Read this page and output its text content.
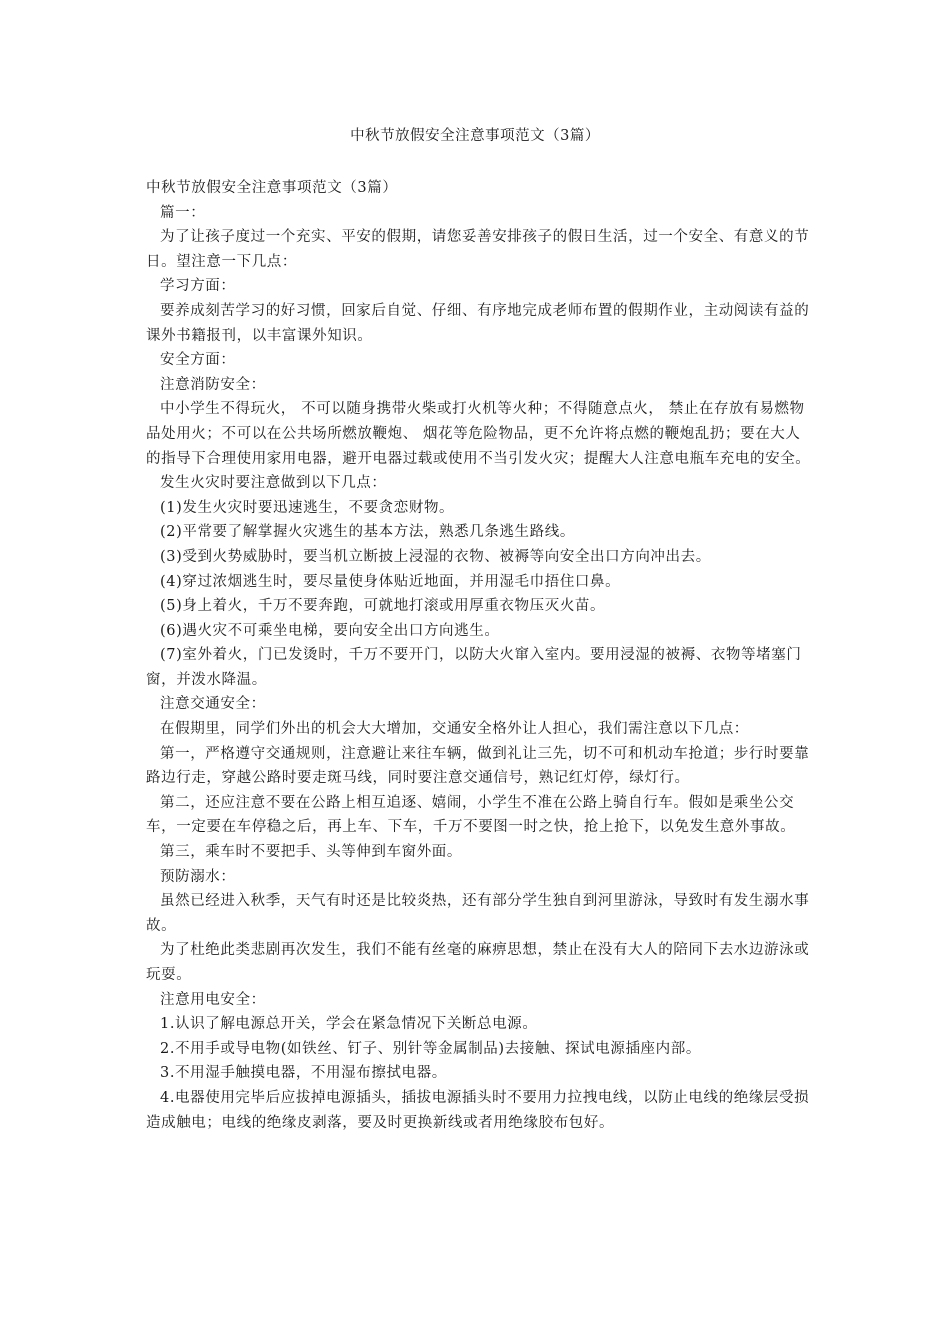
中秋节放假安全注意事项范文（3篇）

中秋节放假安全注意事项范文（3篇）

篇一：

为了让孩子度过一个充实、平安的假期，请您妥善安排孩子的假日生活，过一个安全、有意义的节日。望注意一下几点：

学习方面：

要养成刻苦学习的好习惯，回家后自觉、仔细、有序地完成老师布置的假期作业，主动阅读有益的课外书籍报刊，以丰富课外知识。

安全方面：

注意消防安全：

中小学生不得玩火， 不可以随身携带火柴或打火机等火种；不得随意点火， 禁止在存放有易燃物品处用火；不可以在公共场所燃放鞭炮、 烟花等危险物品，更不允许将点燃的鞭炮乱扔；要在大人的指导下合理使用家用电器，避开电器过载或使用不当引发火灾；提醒大人注意电瓶车充电的安全。

发生火灾时要注意做到以下几点：

(1)发生火灾时要迅速逃生，不要贪恋财物。

(2)平常要了解掌握火灾逃生的基本方法，熟悉几条逃生路线。

(3)受到火势威胁时，要当机立断披上浸湿的衣物、被褥等向安全出口方向冲出去。

(4)穿过浓烟逃生时，要尽量使身体贴近地面，并用湿毛巾捂住口鼻。

(5)身上着火，千万不要奔跑，可就地打滚或用厚重衣物压灭火苗。

(6)遇火灾不可乘坐电梯，要向安全出口方向逃生。

(7)室外着火，门已发烫时，千万不要开门，以防大火窜入室内。要用浸湿的被褥、衣物等堵塞门窗，并泼水降温。

注意交通安全：

在假期里，同学们外出的机会大大增加，交通安全格外让人担心，我们需注意以下几点：

第一，严格遵守交通规则，注意避让来往车辆，做到礼让三先，切不可和机动车抢道；步行时要靠路边行走，穿越公路时要走斑马线，同时要注意交通信号，熟记红灯停，绿灯行。

第二，还应注意不要在公路上相互追逐、嬉闹，小学生不准在公路上骑自行车。假如是乘坐公交车，一定要在车停稳之后，再上车、下车，千万不要图一时之快，抢上抢下，以免发生意外事故。

第三，乘车时不要把手、头等伸到车窗外面。

预防溺水：

虽然已经进入秋季，天气有时还是比较炎热，还有部分学生独自到河里游泳，导致时有发生溺水事故。

为了杜绝此类悲剧再次发生，我们不能有丝毫的麻痹思想，禁止在没有大人的陪同下去水边游泳或玩耍。

注意用电安全：

1.认识了解电源总开关，学会在紧急情况下关断总电源。

2.不用手或导电物(如铁丝、钉子、别针等金属制品)去接触、探试电源插座内部。

3.不用湿手触摸电器，不用湿布擦拭电器。

4.电器使用完毕后应拔掉电源插头，插拔电源插头时不要用力拉拽电线，以防止电线的绝缘层受损造成触电；电线的绝缘皮剥落，要及时更换新线或者用绝缘胶布包好。
